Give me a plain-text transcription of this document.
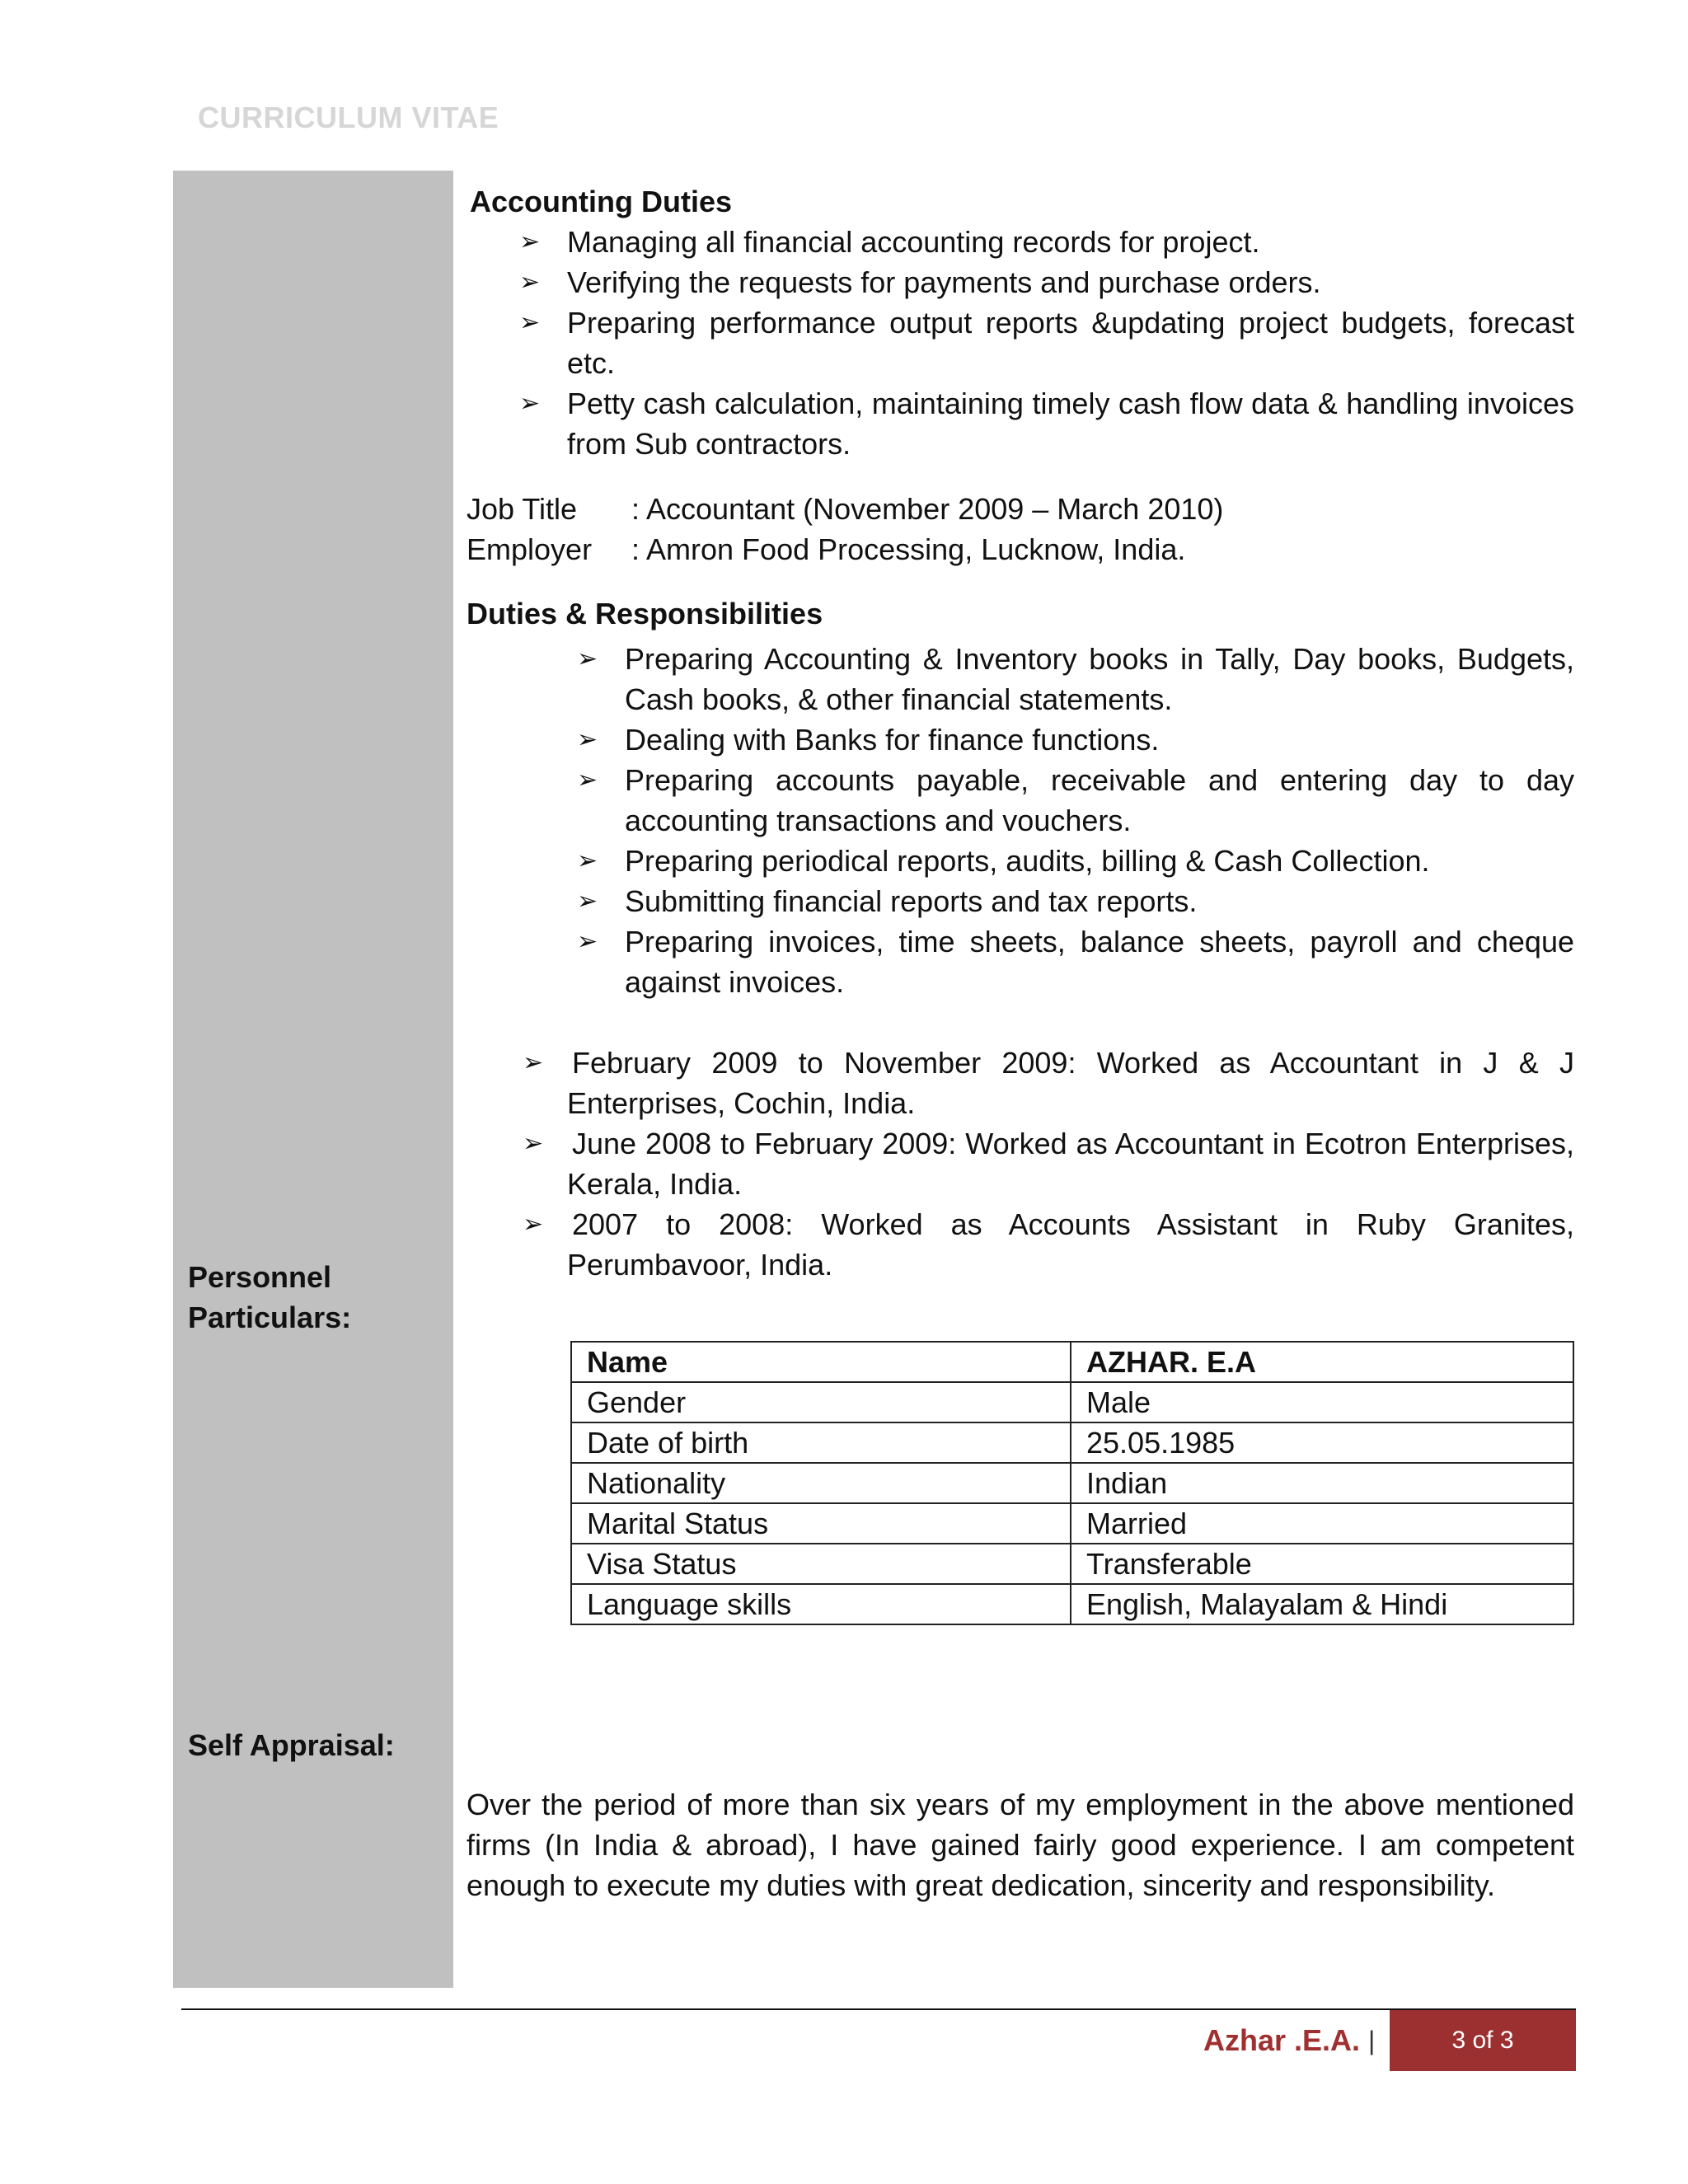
CURRICULUM VITAE
Personnel
Particulars:
Self Appraisal:

Accounting Duties

➢ Managing all financial accounting records for project.
➢ Verifying the requests for payments and purchase orders.
➢ Preparing performance output reports &updating project budgets, forecast etc.
➢ Petty cash calculation, maintaining timely cash flow data & handling invoices from Sub contractors.
Job Title	: Accountant (November 2009 – March 2010)
Employer	: Amron Food Processing, Lucknow, India.

Duties & Responsibilities

➢ Preparing Accounting & Inventory books in Tally, Day books, Budgets, Cash books, & other financial statements.
➢ Dealing with Banks for finance functions.
➢ Preparing accounts payable, receivable and entering day to day accounting transactions and vouchers.
➢ Preparing periodical reports, audits, billing & Cash Collection.
➢ Submitting financial reports and tax reports.
➢ Preparing invoices, time sheets, balance sheets, payroll and cheque against invoices.
➢ February 2009 to November 2009: Worked as Accountant in J & J Enterprises, Cochin, India.
➢ June 2008 to February 2009: Worked as Accountant in Ecotron Enterprises, Kerala, India.
➢ 2007 to 2008: Worked as Accounts Assistant in Ruby Granites, Perumbavoor, India.
Name	AZHAR. E.A
Gender	Male
Date of birth	25.05.1985
Nationality	Indian
Marital Status	Married
Visa Status	Transferable
Language skills	English, Malayalam & Hindi

Over the period of more than six years of my employment in the above mentioned firms (In India & abroad), I have gained fairly good experience. I am competent enough to execute my duties with great dedication, sincerity and responsibility.

Azhar .E.A. |	3 of 3
